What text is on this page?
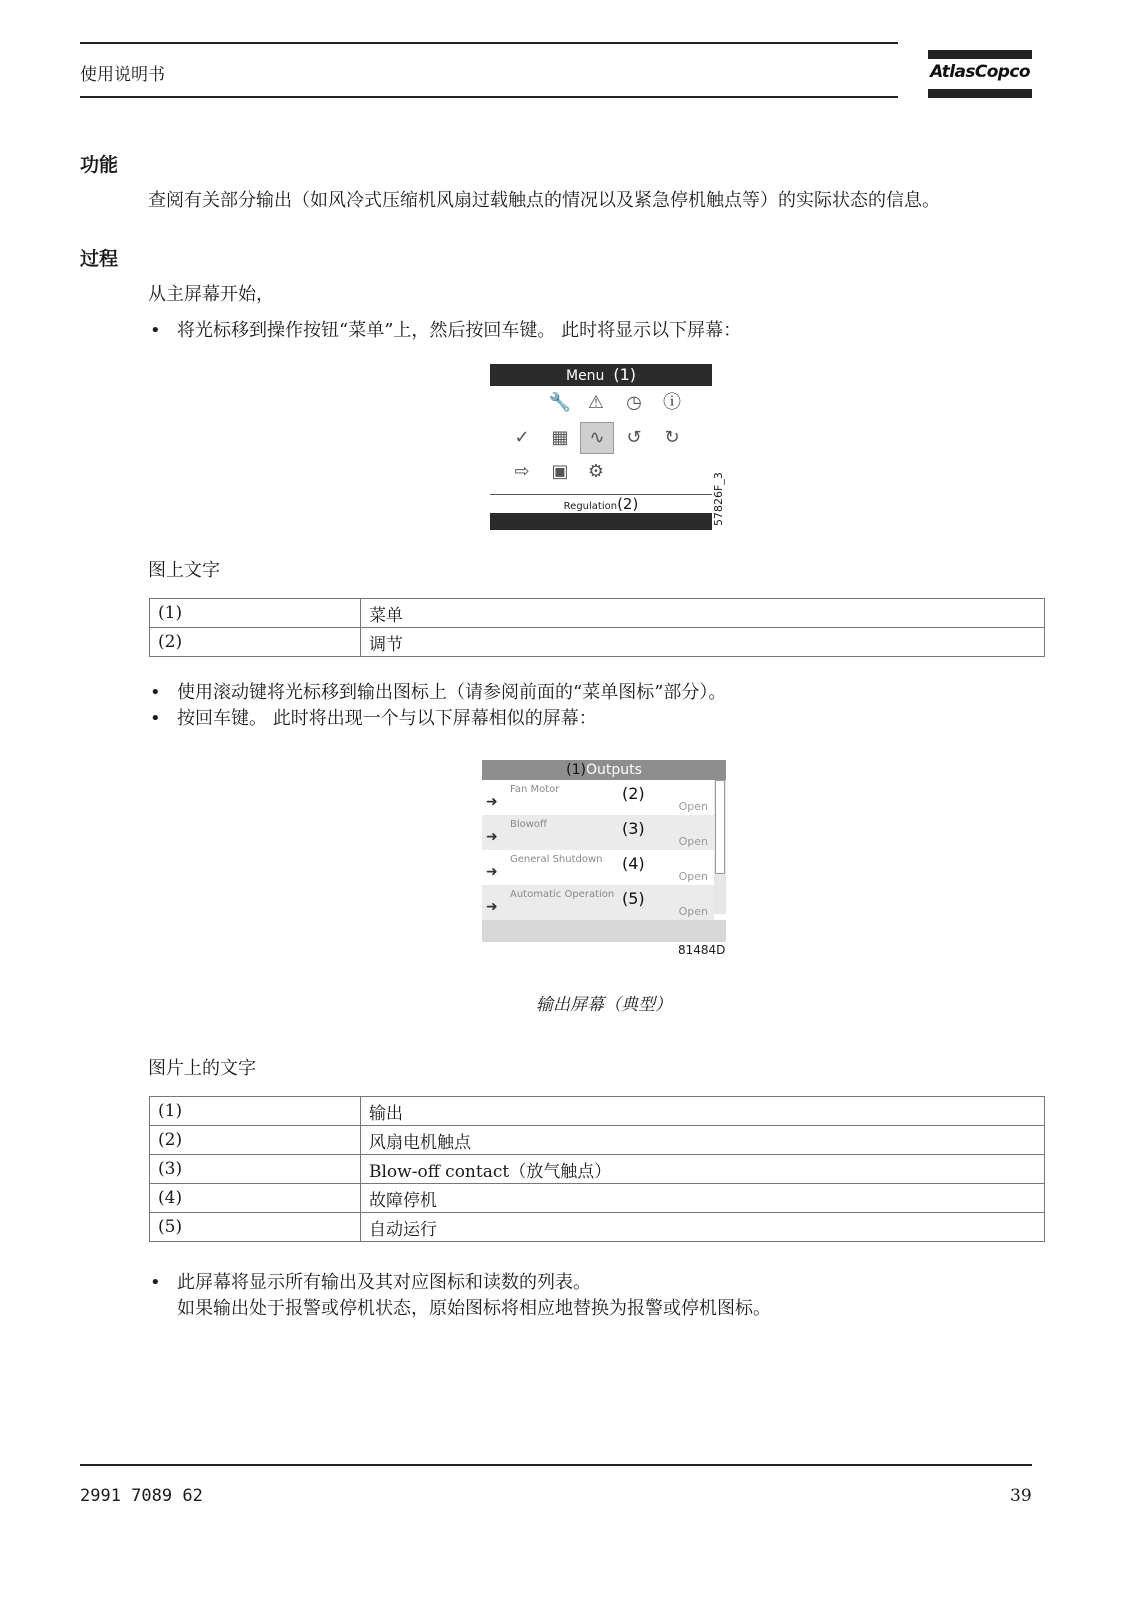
使用说明书	AtlasCopco
功能
查阅有关部分输出（如风冷式压缩机风扇过载触点的情况以及紧急停机触点等）的实际状态的信息。
过程
从主屏幕开始，
• 将光标移到操作按钮“菜单”上，然后按回车键。 此时将显示以下屏幕：
Menu (1)
🔧 ⚠ ◷ ⓘ
✓ ▦	∿	↺ ↻
⇨ ▣ ⚙
Regulation(2)	57826F_3
图上文字
(1)	菜单
(2)	调节
• 使用滚动键将光标移到输出图标上（请参阅前面的“菜单图标”部分）。
• 按回车键。 此时将出现一个与以下屏幕相似的屏幕：
(1)Outputs
➜
Fan Motor	(2)
Open
➜
Blowoff	(3)
Open
➜
General Shutdown (4)
Open
➜
Automatic Operation (5)
Open
81484D
输出屏幕（典型）
图片上的文字
(1)	输出
(2)	风扇电机触点
(3)	Blow-off contact（放气触点）
(4)	故障停机
(5)	自动运行
• 此屏幕将显示所有输出及其对应图标和读数的列表。
如果输出处于报警或停机状态，原始图标将相应地替换为报警或停机图标。
2991 7089 62	39
